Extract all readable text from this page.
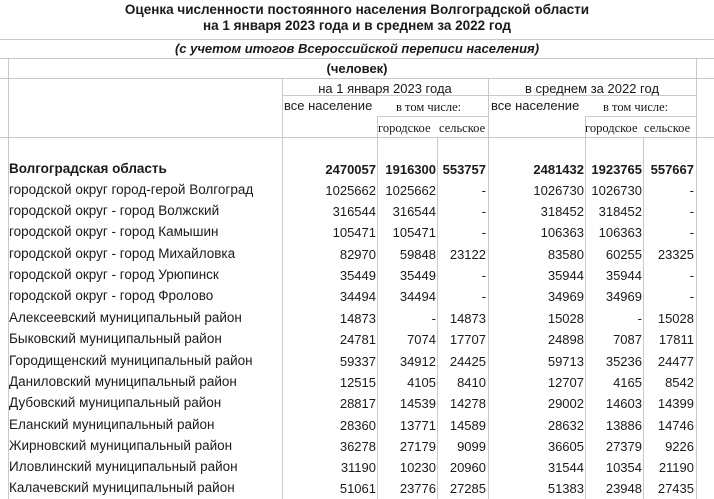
Оценка численности постоянного населения Волгоградской области
на 1 января 2023 года и в среднем за 2022 год
(с учетом итогов Всероссийской переписи населения)
(человек)
на 1 января 2023 года	в среднем за 2022 год
все население в том числе: все население в том числе:
городское сельское	городское сельское
Волгоградская область	2470057 1916300 553757	2481432 1923765 557667
городской округ город-герой Волгоград	1025662 1025662	-	1026730 1026730	-
городской округ - город Волжский	316544	316544	-	318452	318452	-
городской округ - город Камышин	105471	105471	-	106363	106363	-
городской округ - город Михайловка	82970	59848	23122	83580	60255	23325
городской округ - город Урюпинск	35449	35449	-	35944	35944	-
городской округ - город Фролово	34494	34494	-	34969	34969	-
Алексеевский муниципальный район	14873	-	14873	15028	-	15028
Быковский муниципальный район	24781	7074	17707	24898	7087	17811
Городищенский муниципальный район	59337	34912	24425	59713	35236	24477
Даниловский муниципальный район	12515	4105	8410	12707	4165	8542
Дубовский муниципальный район	28817	14539	14278	29002	14603	14399
Еланский муниципальный район	28360	13771	14589	28632	13886	14746
Жирновский муниципальный район	36278	27179	9099	36605	27379	9226
Иловлинский муниципальный район	31190	10230	20960	31544	10354	21190
Калачевский муниципальный район	51061	23776	27285	51383	23948	27435
